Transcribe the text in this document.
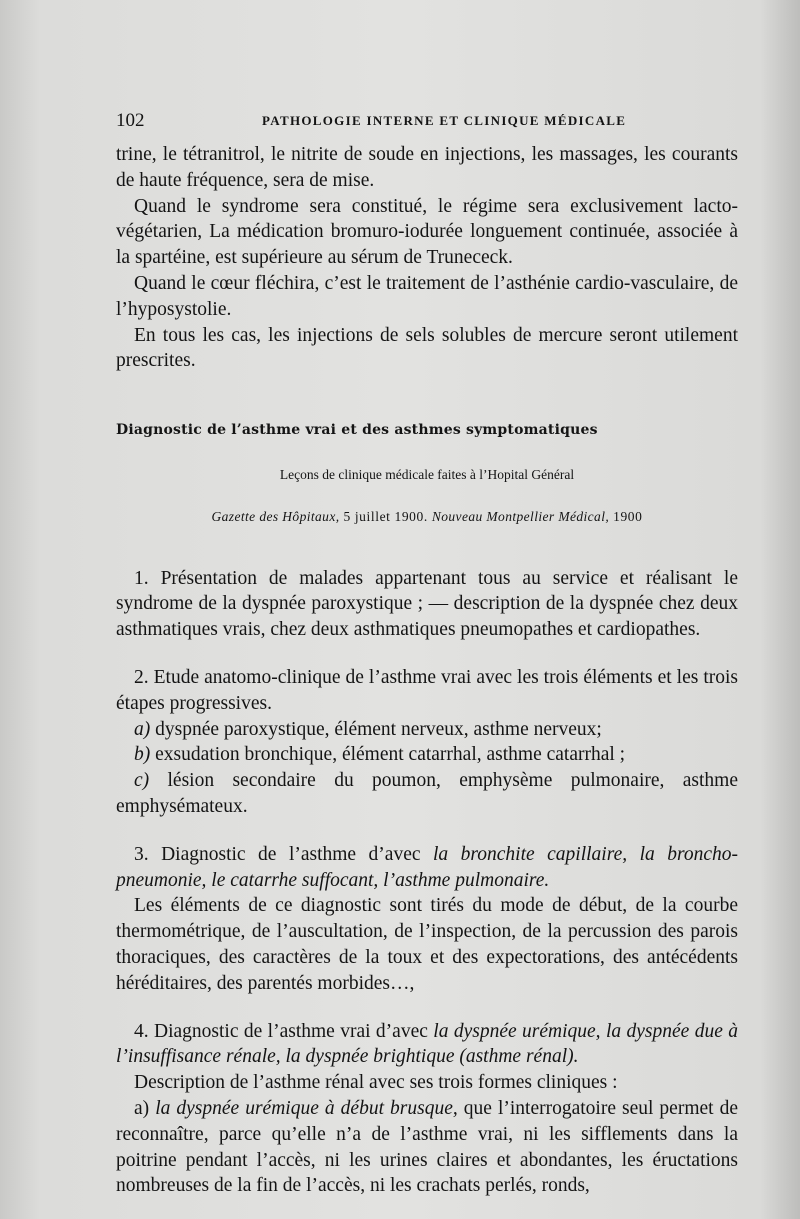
102	PATHOLOGIE INTERNE ET CLINIQUE MÉDICALE

trine, le tétranitrol, le nitrite de soude en injections, les massages, les courants de haute fréquence, sera de mise.

Quand le syndrome sera constitué, le régime sera exclusivement lacto-végétarien, La médication bromuro-iodurée longuement continuée, associée à la spartéine, est supérieure au sérum de Trunececk.

Quand le cœur fléchira, c’est le traitement de l’asthénie cardio-vasculaire, de l’hyposystolie.

En tous les cas, les injections de sels solubles de mercure seront utilement prescrites.

Diagnostic de l’asthme vrai et des asthmes symptomatiques

Leçons de clinique médicale faites à l’Hopital Général
Gazette des Hôpitaux, 5 juillet 1900. Nouveau Montpellier Médical, 1900

1. Présentation de malades appartenant tous au service et réalisant le syndrome de la dyspnée paroxystique ; — description de la dyspnée chez deux asthmatiques vrais, chez deux asthmatiques pneumopathes et cardiopathes.

2. Etude anatomo-clinique de l’asthme vrai avec les trois éléments et les trois étapes progressives.

a) dyspnée paroxystique, élément nerveux, asthme nerveux;

b) exsudation bronchique, élément catarrhal, asthme catarrhal ;

c) lésion secondaire du poumon, emphysème pulmonaire, asthme emphysémateux.

3. Diagnostic de l’asthme d’avec la bronchite capillaire, la broncho-pneumonie, le catarrhe suffocant, l’asthme pulmonaire.

Les éléments de ce diagnostic sont tirés du mode de début, de la courbe thermométrique, de l’auscultation, de l’inspection, de la percussion des parois thoraciques, des caractères de la toux et des expectorations, des antécédents héréditaires, des parentés morbides…,

4. Diagnostic de l’asthme vrai d’avec la dyspnée urémique, la dyspnée due à l’insuffisance rénale, la dyspnée brightique (asthme rénal).

Description de l’asthme rénal avec ses trois formes cliniques :

a) la dyspnée urémique à début brusque, que l’interrogatoire seul permet de reconnaître, parce qu’elle n’a de l’asthme vrai, ni les sifflements dans la poitrine pendant l’accès, ni les urines claires et abondantes, les éructations nombreuses de la fin de l’accès, ni les crachats perlés, ronds,
